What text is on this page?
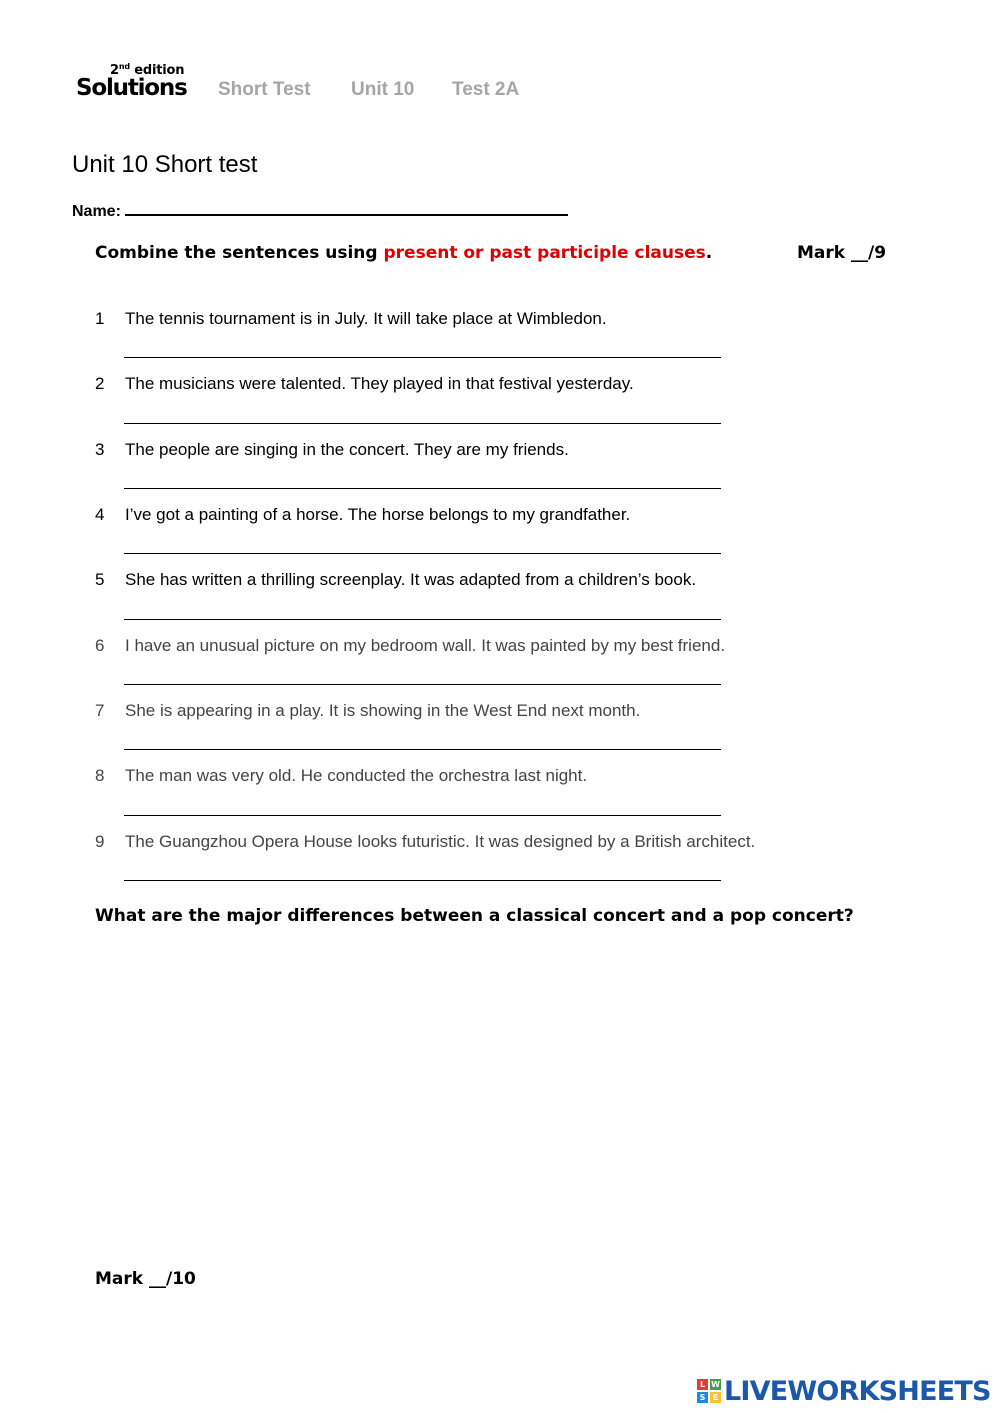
2nd edition
Solutions Short Test Unit 10 Test 2A
Unit 10 Short test
Name:
Combine the sentences using present or past participle clauses.	Mark __/9
1 The tennis tournament is in July. It will take place at Wimbledon.
2 The musicians were talented. They played in that festival yesterday.
3 The people are singing in the concert. They are my friends.
4 I’ve got a painting of a horse. The horse belongs to my grandfather.
5 She has written a thrilling screenplay. It was adapted from a children’s book.
6 I have an unusual picture on my bedroom wall. It was painted by my best friend.
7 She is appearing in a play. It is showing in the West End next month.
8 The man was very old. He conducted the orchestra last night.
9 The Guangzhou Opera House looks futuristic. It was designed by a British architect.
What are the major differences between a classical concert and a pop concert?
Mark __/10
L W
S E LIVEWORKSHEETS
